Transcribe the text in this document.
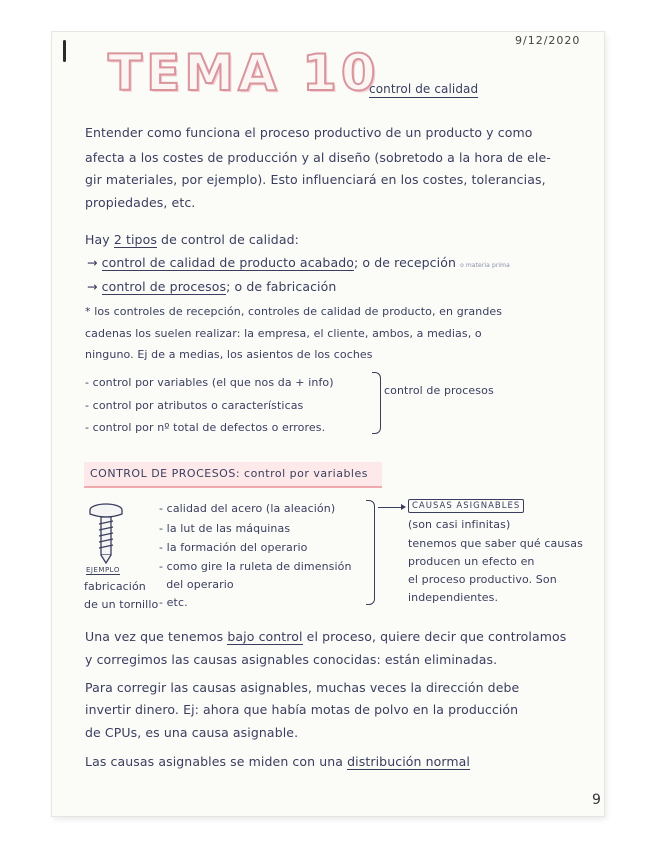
9/12/2020
TEMA 10
control de calidad
Entender como funciona el proceso productivo de un producto y como
afecta a los costes de producción y al diseño (sobretodo a la hora de ele-
gir materiales, por ejemplo). Esto influenciará en los costes, tolerancias,
propiedades, etc.
Hay 2 tipos de control de calidad:
→ control de calidad de producto acabado; o de recepción o materia prima
→ control de procesos; o de fabricación
* los controles de recepción, controles de calidad de producto, en grandes
cadenas los suelen realizar: la empresa, el cliente, ambos, a medias, o
ninguno. Ej de a medias, los asientos de los coches
- control por variables (el que nos da + info)
- control por atributos o características
- control por nº total de defectos o errores.
control de procesos
CONTROL DE PROCESOS: control por variables
EJEMPLO
fabricación
de un tornillo
- calidad del acero (la aleación)
- la lut de las máquinas
- la formación del operario
- como gire la ruleta de dimensión
del operario
- etc.
CAUSAS ASIGNABLES
(son casi infinitas)
tenemos que saber qué causas
producen un efecto en
el proceso productivo. Son
independientes.
Una vez que tenemos bajo control el proceso, quiere decir que controlamos
y corregimos las causas asignables conocidas: están eliminadas.
Para corregir las causas asignables, muchas veces la dirección debe
invertir dinero. Ej: ahora que había motas de polvo en la producción
de CPUs, es una causa asignable.
Las causas asignables se miden con una distribución normal
9
